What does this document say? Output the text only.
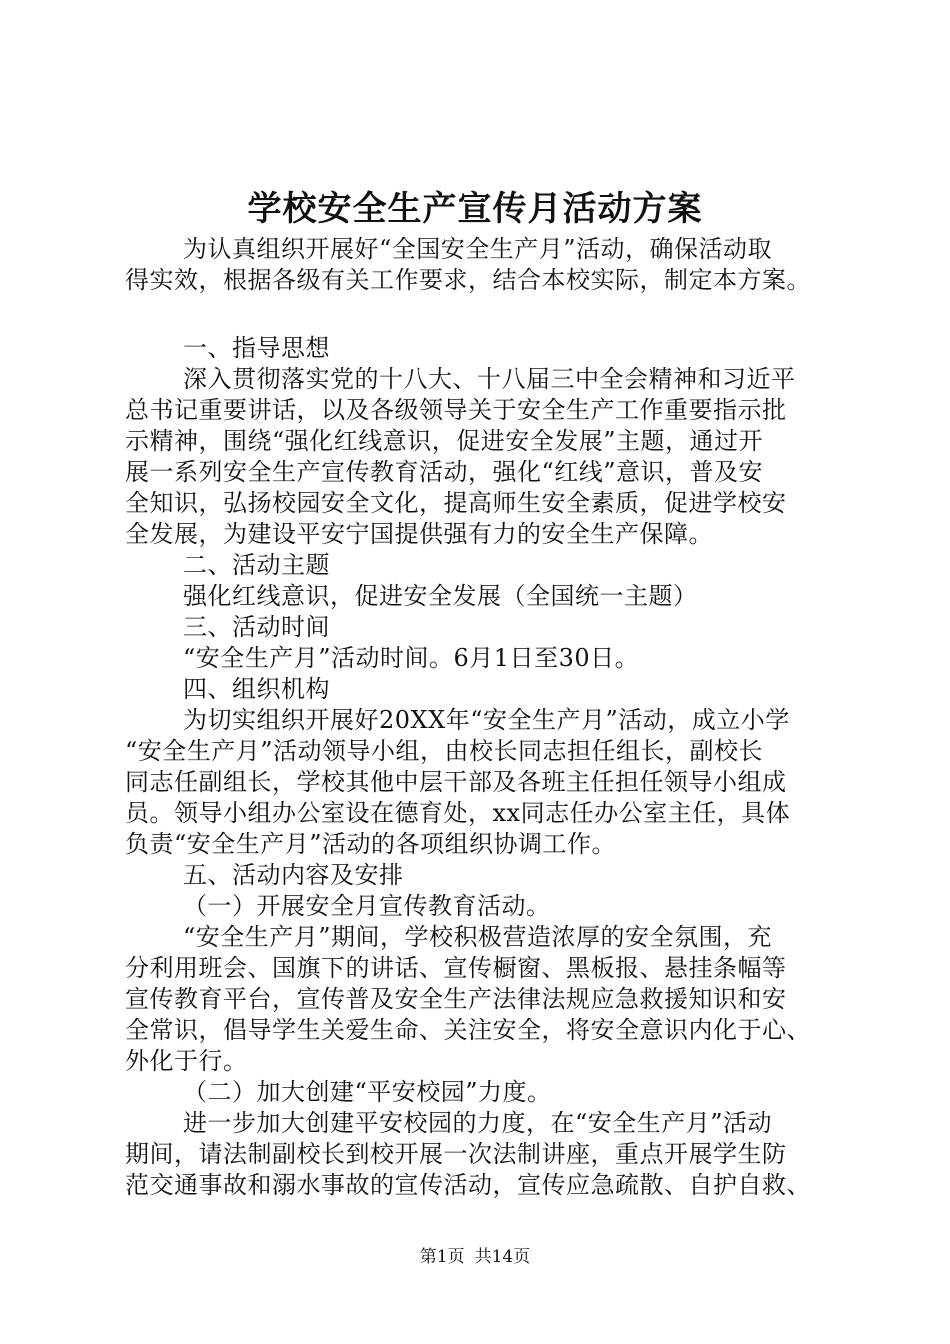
学校安全生产宣传月活动方案
为认真组织开展好“全国安全生产月”活动，确保活动取
得实效，根据各级有关工作要求，结合本校实际，制定本方案。
一、指导思想
深入贯彻落实党的十八大、十八届三中全会精神和习近平
总书记重要讲话，以及各级领导关于安全生产工作重要指示批
示精神，围绕“强化红线意识，促进安全发展”主题，通过开
展一系列安全生产宣传教育活动，强化“红线”意识，普及安
全知识，弘扬校园安全文化，提高师生安全素质，促进学校安
全发展，为建设平安宁国提供强有力的安全生产保障。
二、活动主题
强化红线意识，促进安全发展（全国统一主题）
三、活动时间
“安全生产月”活动时间。6月1日至30日。
四、组织机构
为切实组织开展好20XX年“安全生产月”活动，成立小学
“安全生产月”活动领导小组，由校长同志担任组长，副校长
同志任副组长，学校其他中层干部及各班主任担任领导小组成
员。领导小组办公室设在德育处，xx同志任办公室主任，具体
负责“安全生产月”活动的各项组织协调工作。
五、活动内容及安排
（一）开展安全月宣传教育活动。
“安全生产月”期间，学校积极营造浓厚的安全氛围，充
分利用班会、国旗下的讲话、宣传橱窗、黑板报、悬挂条幅等
宣传教育平台，宣传普及安全生产法律法规应急救援知识和安
全常识，倡导学生关爱生命、关注安全，将安全意识内化于心、
外化于行。
（二）加大创建“平安校园”力度。
进一步加大创建平安校园的力度，在“安全生产月”活动
期间，请法制副校长到校开展一次法制讲座，重点开展学生防
范交通事故和溺水事故的宣传活动，宣传应急疏散、自护自救、
第1页 共14页
